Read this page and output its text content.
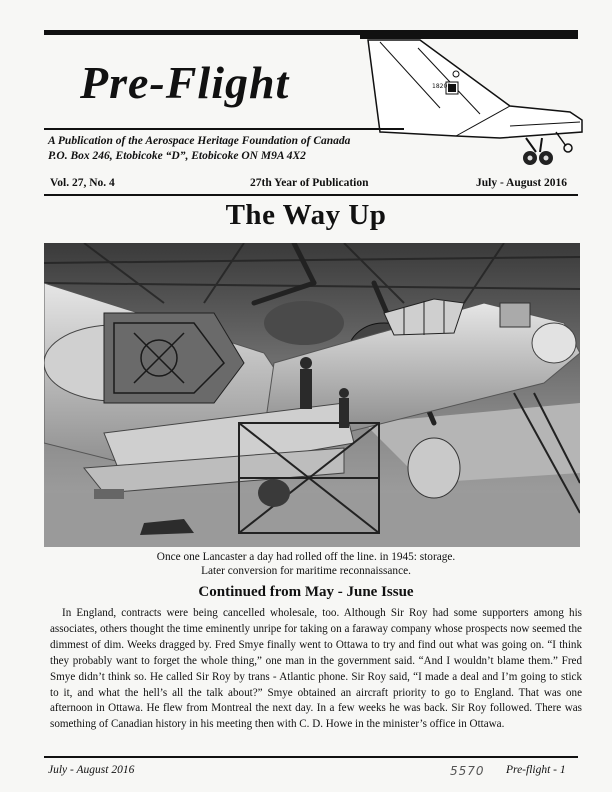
Pre-Flight	18201
A Publication of the Aerospace Heritage Foundation of Canada
P.O. Box 246, Etobicoke “D”, Etobicoke ON M9A 4X2
Vol. 27, No. 4	27th Year of Publication	July - August 2016
The Way Up
Once one Lancaster a day had rolled off the line. in 1945: storage.
Later conversion for maritime reconnaissance.
Continued from May - June Issue
In England, contracts were being cancelled wholesale, too. Although Sir Roy had some supporters among his associates, others thought the time eminently unripe for taking on a faraway company whose prospects now seemed the dimmest of dim. Weeks dragged by. Fred Smye finally went to Ottawa to try and find out what was going on. “I think they probably want to forget the whole thing,” one man in the government said. “And I wouldn’t blame them.” Fred Smye didn’t think so. He called Sir Roy by trans - Atlantic phone. Sir Roy said, “I made a deal and I’m going to stick to it, and what the hell’s all the talk about?” Smye obtained an aircraft priority to go to England. That was one afternoon in Ottawa. He flew from Montreal the next day. In a few weeks he was back. Sir Roy followed. There was something of Canadian history in his meeting then with C. D. Howe in the minister’s office in Ottawa.
July - August 2016	5570 Pre-flight - 1
